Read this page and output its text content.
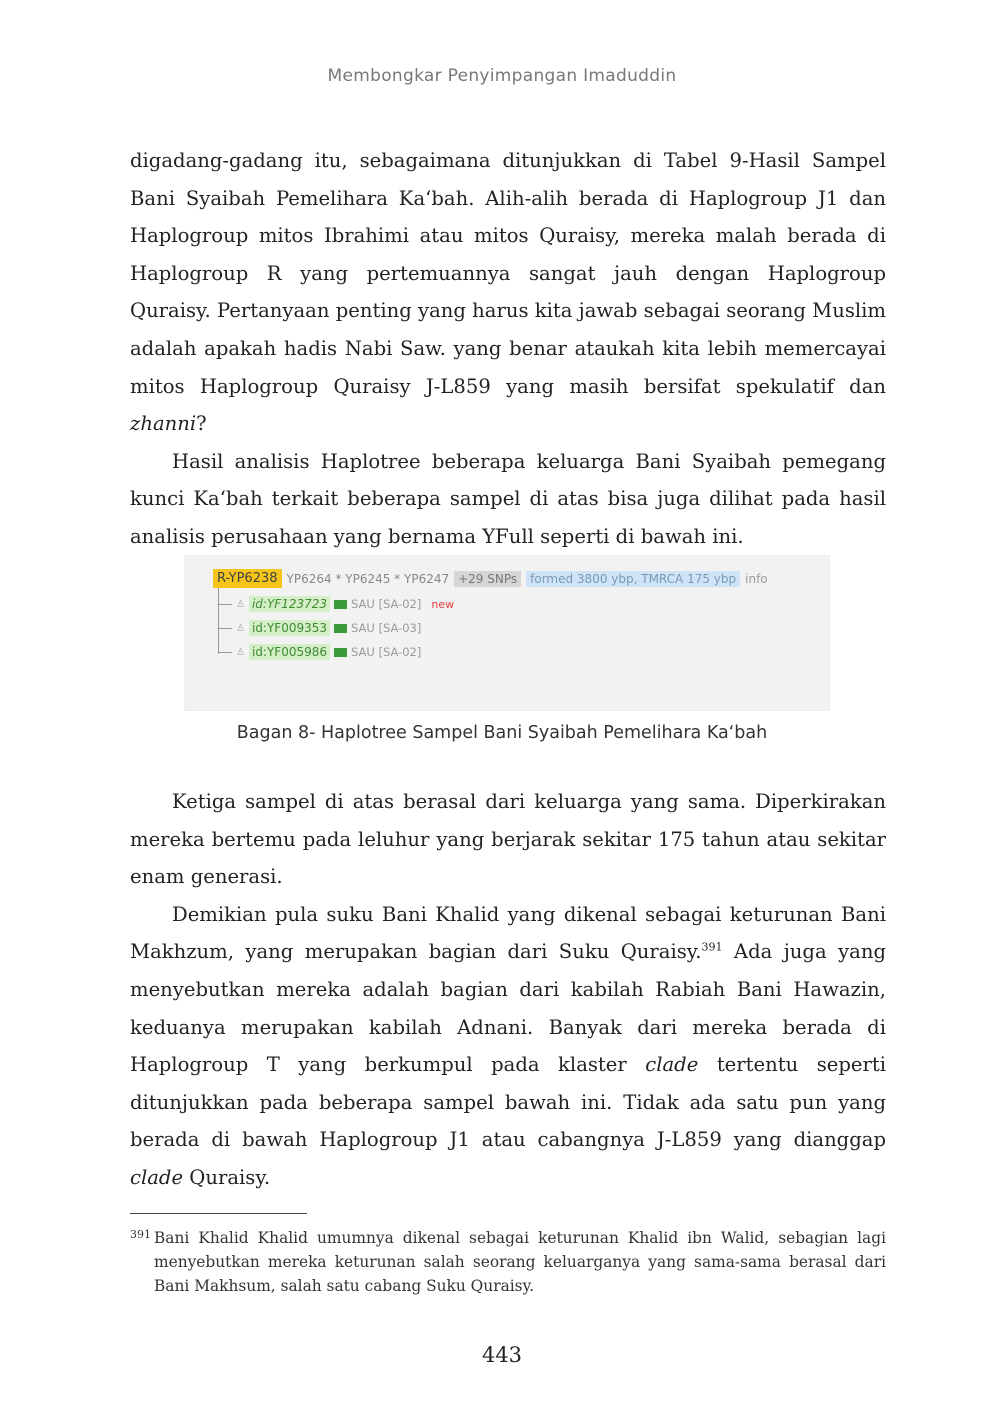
Membongkar Penyimpangan Imaduddin

digadang-gadang itu, sebagaimana ditunjukkan di Tabel 9-Hasil Sampel Bani Syaibah Pemelihara Ka‘bah. Alih-alih berada di Haplogroup J1 dan Haplogroup mitos Ibrahimi atau mitos Quraisy, mereka malah berada di Haplogroup R yang pertemuannya sangat jauh dengan Haplogroup Quraisy. Pertanyaan penting yang harus kita jawab sebagai seorang Muslim adalah apakah hadis Nabi Saw. yang benar ataukah kita lebih memercayai mitos Haplogroup Quraisy J-L859 yang masih bersifat spekulatif dan zhanni?

Hasil analisis Haplotree beberapa keluarga Bani Syaibah pemegang kunci Ka‘bah terkait beberapa sampel di atas bisa juga dilihat pada hasil analisis perusahaan yang bernama YFull seperti di bawah ini.

R-YP6238 YP6264 * YP6245 * YP6247 +29 SNPs	formed 3800 ybp, TMRCA 175 ybp info
♙ id:YF123723 SAU [SA-02] new
♙ id:YF009353 SAU [SA-03]
♙ id:YF005986 SAU [SA-02]
Bagan 8- Haplotree Sampel Bani Syaibah Pemelihara Ka‘bah

Ketiga sampel di atas berasal dari keluarga yang sama. Diperkirakan mereka bertemu pada leluhur yang berjarak sekitar 175 tahun atau sekitar enam generasi.

Demikian pula suku Bani Khalid yang dikenal sebagai keturunan Bani Makhzum, yang merupakan bagian dari Suku Quraisy.$^{391}$ Ada juga yang menyebutkan mereka adalah bagian dari kabilah Rabiah Bani Hawazin, keduanya merupakan kabilah Adnani. Banyak dari mereka berada di Haplogroup T yang berkumpul pada klaster clade tertentu seperti ditunjukkan pada beberapa sampel bawah ini. Tidak ada satu pun yang berada di bawah Haplogroup J1 atau cabangnya J-L859 yang dianggap clade Quraisy.

391 Bani Khalid Khalid umumnya dikenal sebagai keturunan Khalid ibn Walid, sebagian lagi menyebutkan mereka keturunan salah seorang keluarganya yang sama-sama berasal dari Bani Makhsum, salah satu cabang Suku Quraisy.
443
